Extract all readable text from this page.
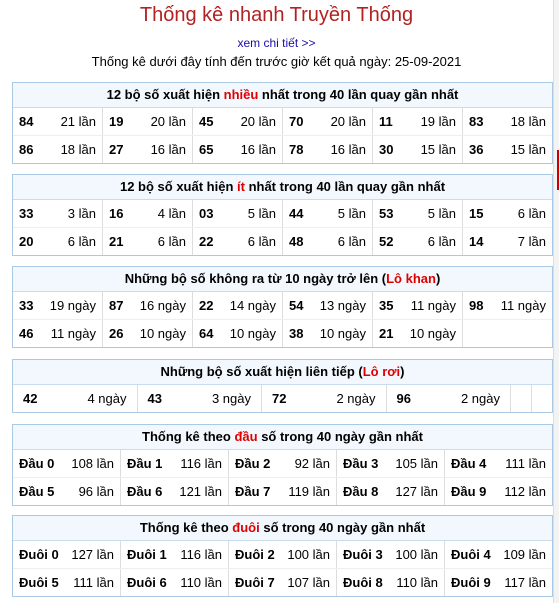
Thống kê nhanh Truyền Thống
xem chi tiết >>
Thống kê dưới đây tính đến trước giờ kết quả ngày: 25-09-2021
12 bộ số xuất hiện nhiều nhất trong 40 lần quay gần nhất
84 21 lần 19 20 lần 45 20 lần 70 20 lần 11 19 lần 83 18 lần
86 18 lần 27 16 lần 65 16 lần 78 16 lần 30 15 lần 36 15 lần
12 bộ số xuất hiện ít nhất trong 40 lần quay gần nhất
33	3 lần 16	4 lần 03	5 lần 44	5 lần 53	5 lần 15	6 lần
20	6 lần 21	6 lần 22	6 lần 48	6 lần 52	6 lần 14	7 lần
Những bộ số không ra từ 10 ngày trở lên (Lô khan)
33 19 ngày 87 16 ngày 22 14 ngày 54 13 ngày 35 11 ngày 98 11 ngày
46 11 ngày 26 10 ngày 64 10 ngày 38 10 ngày 21 10 ngày
Những bộ số xuất hiện liên tiếp (Lô rơi)
42	4 ngày 43	3 ngày 72	2 ngày 96	2 ngày
Thống kê theo đầu số trong 40 ngày gần nhất
Đầu 0 108 lần Đầu 1 116 lần Đầu 2 92 lần Đầu 3 105 lần Đầu 4 111 lần
Đầu 5 96 lần Đầu 6 121 lần Đầu 7 119 lần Đầu 8 127 lần Đầu 9 112 lần
Thống kê theo đuôi số trong 40 ngày gần nhất
Đuôi 0 127 lần Đuôi 1 116 lần Đuôi 2 100 lần Đuôi 3 100 lần Đuôi 4 109 lần
Đuôi 5 111 lần Đuôi 6 110 lần Đuôi 7 107 lần Đuôi 8 110 lần Đuôi 9 117 lần
